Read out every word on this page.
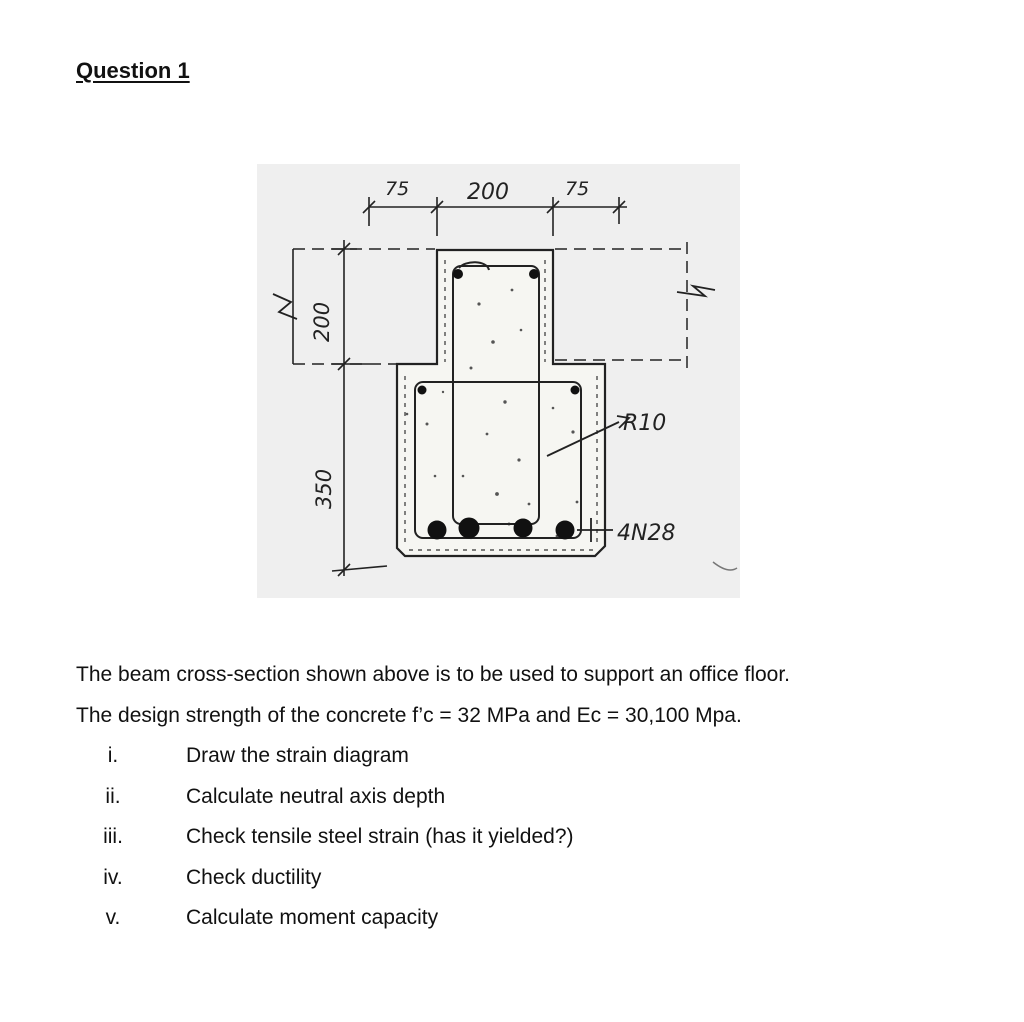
Question 1
75	200	75
200
350
R10
4N28

The beam cross-section shown above is to be used to support an office floor.

The design strength of the concrete f’c = 32 MPa and Ec = 30,100 Mpa.

i.	Draw the strain diagram
ii.	Calculate neutral axis depth
iii.	Check tensile steel strain (has it yielded?)
iv.	Check ductility
v.	Calculate moment capacity
